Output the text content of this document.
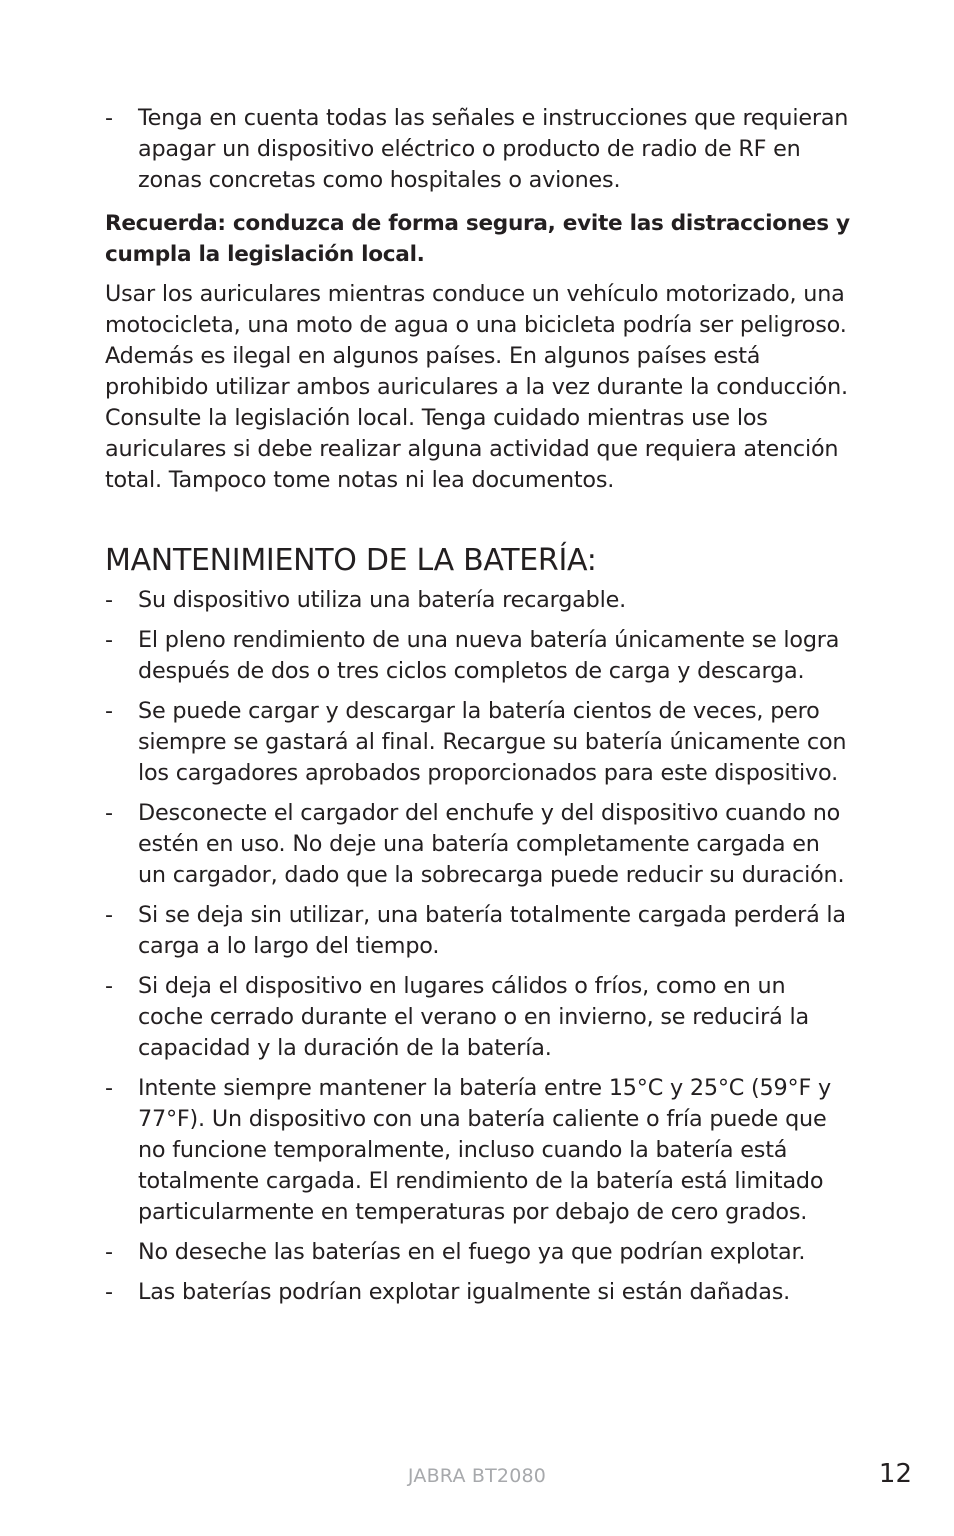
- Tenga en cuenta todas las señales e instrucciones que requieran apagar un dispositivo eléctrico o producto de radio de RF en zonas concretas como hospitales o aviones.
Recuerda: conduzca de forma segura, evite las distracciones y cumpla la legislación local.

Usar los auriculares mientras conduce un vehículo motorizado, una motocicleta, una moto de agua o una bicicleta podría ser peligroso. Además es ilegal en algunos países. En algunos países está prohibido utilizar ambos auriculares a la vez durante la conducción. Consulte la legislación local. Tenga cuidado mientras use los auriculares si debe realizar alguna actividad que requiera atención total. Tampoco tome notas ni lea documentos.

MANTENIMIENTO DE LA BATERÍA:
- Su dispositivo utiliza una batería recargable.
- El pleno rendimiento de una nueva batería únicamente se logra después de dos o tres ciclos completos de carga y descarga.
- Se puede cargar y descargar la batería cientos de veces, pero siempre se gastará al final. Recargue su batería únicamente con los cargadores aprobados proporcionados para este dispositivo.
- Desconecte el cargador del enchufe y del dispositivo cuando no estén en uso. No deje una batería completamente cargada en un cargador, dado que la sobrecarga puede reducir su duración.
- Si se deja sin utilizar, una batería totalmente cargada perderá la carga a lo largo del tiempo.
- Si deja el dispositivo en lugares cálidos o fríos, como en un coche cerrado durante el verano o en invierno, se reducirá la capacidad y la duración de la batería.
- Intente siempre mantener la batería entre 15°C y 25°C (59°F y 77°F). Un dispositivo con una batería caliente o fría puede que no funcione temporalmente, incluso cuando la batería está totalmente cargada. El rendimiento de la batería está limitado particularmente en temperaturas por debajo de cero grados.
- No deseche las baterías en el fuego ya que podrían explotar.
- Las baterías podrían explotar igualmente si están dañadas.
JABRA BT2080	12
